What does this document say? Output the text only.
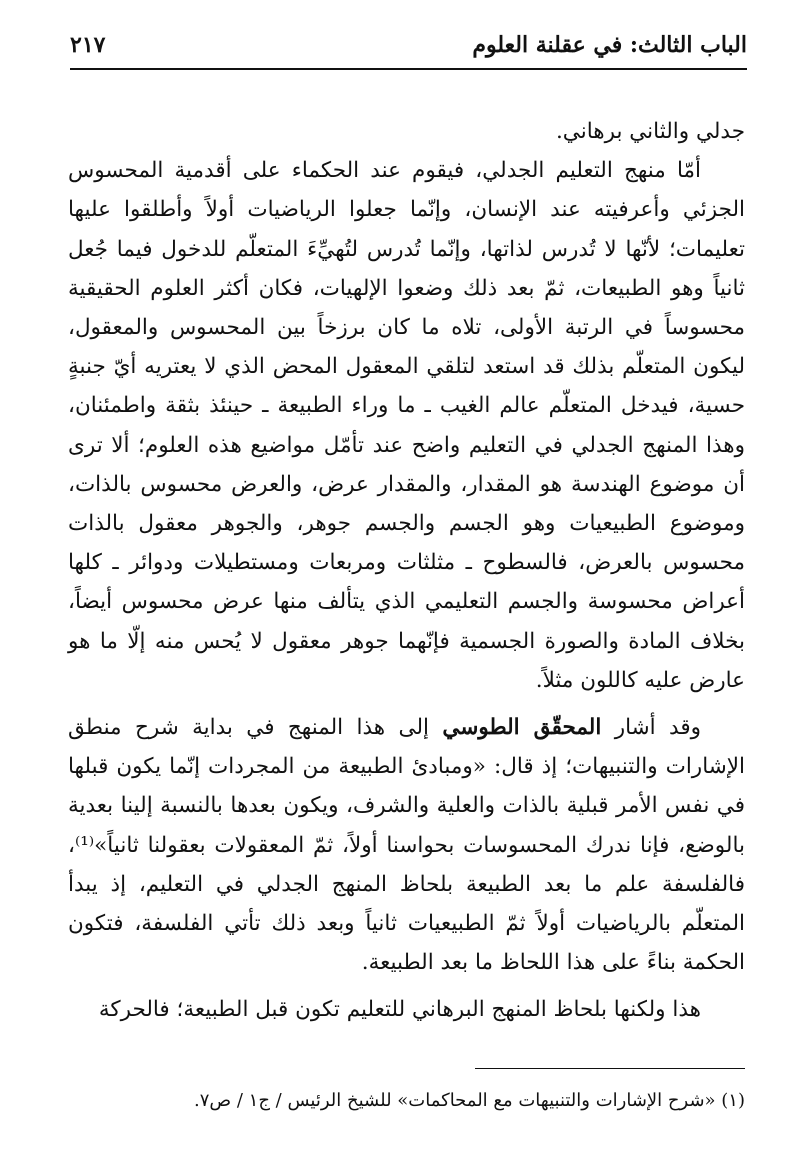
الباب الثالث: في عقلنة العلوم
٢١٧

جدلي والثاني برهاني.

أمّا منهج التعليم الجدلي، فيقوم عند الحكماء على أقدمية المحسوس الجزئي وأعرفيته عند الإنسان، وإنّما جعلوا الرياضيات أولاً وأطلقوا عليها تعليمات؛ لأنّها لا تُدرس لذاتها، وإنّما تُدرس لتُهيِّءَ المتعلّم للدخول فيما جُعل ثانياً وهو الطبيعات، ثمّ بعد ذلك وضعوا الإلهيات، فكان أكثر العلوم الحقيقية محسوساً في الرتبة الأولى، تلاه ما كان برزخاً بين المحسوس والمعقول، ليكون المتعلّم بذلك قد استعد لتلقي المعقول المحض الذي لا يعتريه أيّ جنبةٍ حسية، فيدخل المتعلّم عالم الغيب ـ ما وراء الطبيعة ـ حينئذ بثقة واطمئنان، وهذا المنهج الجدلي في التعليم واضح عند تأمّل مواضيع هذه العلوم؛ ألا ترى أن موضوع الهندسة هو المقدار، والمقدار عرض، والعرض محسوس بالذات، وموضوع الطبيعيات وهو الجسم والجسم جوهر، والجوهر معقول بالذات محسوس بالعرض، فالسطوح ـ مثلثات ومربعات ومستطيلات ودوائر ـ كلها أعراض محسوسة والجسم التعليمي الذي يتألف منها عرض محسوس أيضاً، بخلاف المادة والصورة الجسمية فإنّهما جوهر معقول لا يُحس منه إلّا ما هو عارض عليه كاللون مثلاً.

وقد أشار المحقّق الطوسي إلى هذا المنهج في بداية شرح منطق الإشارات والتنبيهات؛ إذ قال: «ومبادئ الطبيعة من المجردات إنّما يكون قبلها في نفس الأمر قبلية بالذات والعلية والشرف، ويكون بعدها بالنسبة إلينا بعدية بالوضع، فإنا ندرك المحسوسات بحواسنا أولاً، ثمّ المعقولات بعقولنا ثانياً»⁽¹⁾، فالفلسفة علم ما بعد الطبيعة بلحاظ المنهج الجدلي في التعليم، إذ يبدأ المتعلّم بالرياضيات أولاً ثمّ الطبيعيات ثانياً وبعد ذلك تأتي الفلسفة، فتكون الحكمة بناءً على هذا اللحاظ ما بعد الطبيعة.

هذا ولكنها بلحاظ المنهج البرهاني للتعليم تكون قبل الطبيعة؛ فالحركة

(١) «شرح الإشارات والتنبيهات مع المحاكمات» للشيخ الرئيس / ج١ / ص٧.
